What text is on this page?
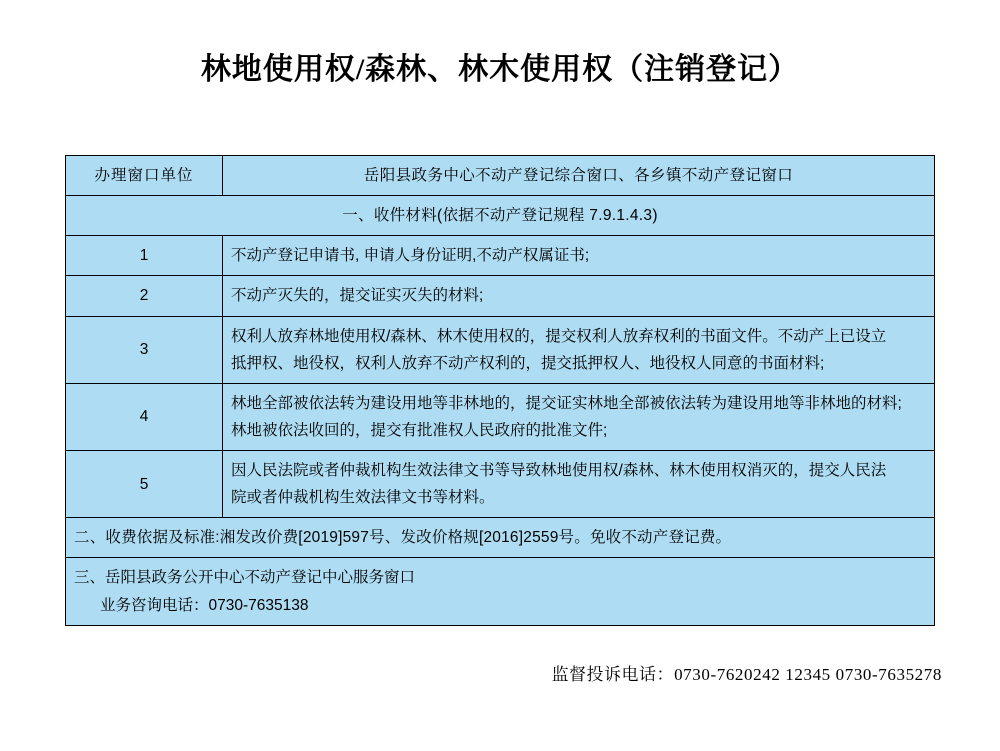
林地使用权/森林、林木使用权（注销登记）
办理窗口单位	岳阳县政务中心不动产登记综合窗口、各乡镇不动产登记窗口
一、收件材料(依据不动产登记规程 7.9.1.4.3)	
1	不动产登记申请书, 申请人身份证明,不动产权属证书;
2	不动产灭失的，提交证实灭失的材料;
3	权利人放弃林地使用权/森林、林木使用权的，提交权利人放弃权利的书面文件。不动产上已设立
抵押权、地役权，权利人放弃不动产权利的，提交抵押权人、地役权人同意的书面材料;
4	林地全部被依法转为建设用地等非林地的，提交证实林地全部被依法转为建设用地等非林地的材料;
林地被依法收回的，提交有批准权人民政府的批准文件;
5	因人民法院或者仲裁机构生效法律文书等导致林地使用权/森林、林木使用权消灭的，提交人民法
院或者仲裁机构生效法律文书等材料。
二、收费依据及标准:湘发改价费[2019]597号、发改价格规[2016]2559号。免收不动产登记费。	
三、岳阳县政务公开中心不动产登记中心服务窗口
业务咨询电话：0730-7635138	
监督投诉电话：0730-7620242 12345 0730-7635278
